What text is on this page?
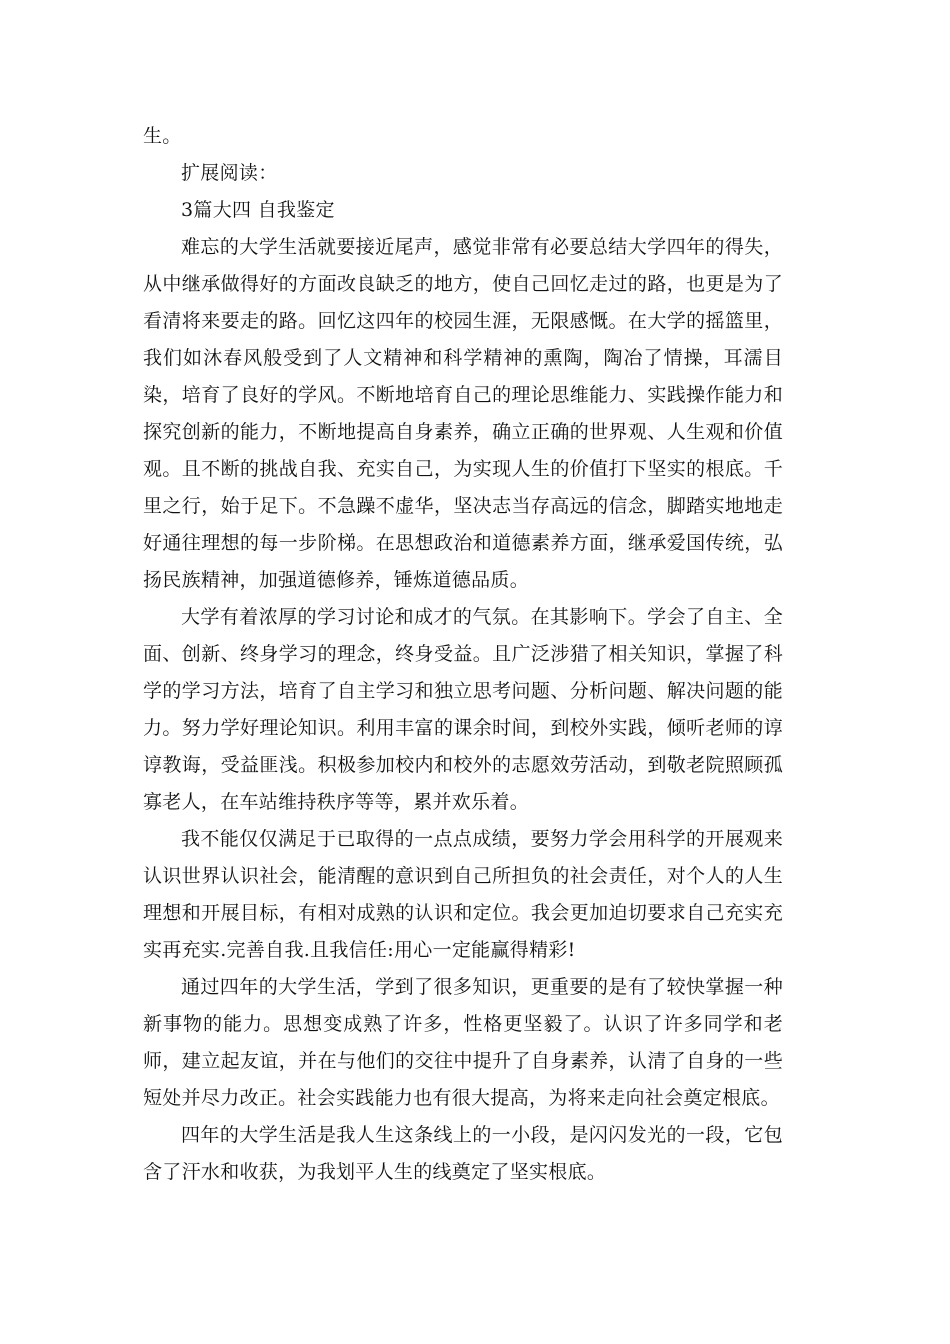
生。

扩展阅读：

3篇大四 自我鉴定

难忘的大学生活就要接近尾声，感觉非常有必要总结大学四年的得失，从中继承做得好的方面改良缺乏的地方，使自己回忆走过的路，也更是为了看清将来要走的路。回忆这四年的校园生涯，无限感慨。在大学的摇篮里，我们如沐春风般受到了人文精神和科学精神的熏陶，陶冶了情操，耳濡目染，培育了良好的学风。不断地培育自己的理论思维能力、实践操作能力和探究创新的能力，不断地提高自身素养，确立正确的世界观、人生观和价值观。且不断的挑战自我、充实自己，为实现人生的价值打下坚实的根底。千里之行，始于足下。不急躁不虚华，坚决志当存高远的信念，脚踏实地地走好通往理想的每一步阶梯。在思想政治和道德素养方面，继承爱国传统，弘扬民族精神，加强道德修养，锤炼道德品质。

大学有着浓厚的学习讨论和成才的气氛。在其影响下。学会了自主、全面、创新、终身学习的理念，终身受益。且广泛涉猎了相关知识，掌握了科学的学习方法，培育了自主学习和独立思考问题、分析问题、解决问题的能力。努力学好理论知识。利用丰富的课余时间，到校外实践，倾听老师的谆谆教诲，受益匪浅。积极参加校内和校外的志愿效劳活动，到敬老院照顾孤寡老人，在车站维持秩序等等，累并欢乐着。

我不能仅仅满足于已取得的一点点成绩，要努力学会用科学的开展观来认识世界认识社会，能清醒的意识到自己所担负的社会责任，对个人的人生理想和开展目标，有相对成熟的认识和定位。我会更加迫切要求自己充实充实再充实.完善自我.且我信任:用心一定能赢得精彩!

通过四年的大学生活，学到了很多知识，更重要的是有了较快掌握一种新事物的能力。思想变成熟了许多，性格更坚毅了。认识了许多同学和老师，建立起友谊，并在与他们的交往中提升了自身素养，认清了自身的一些短处并尽力改正。社会实践能力也有很大提高，为将来走向社会奠定根底。

四年的大学生活是我人生这条线上的一小段，是闪闪发光的一段，它包含了汗水和收获，为我划平人生的线奠定了坚实根底。
